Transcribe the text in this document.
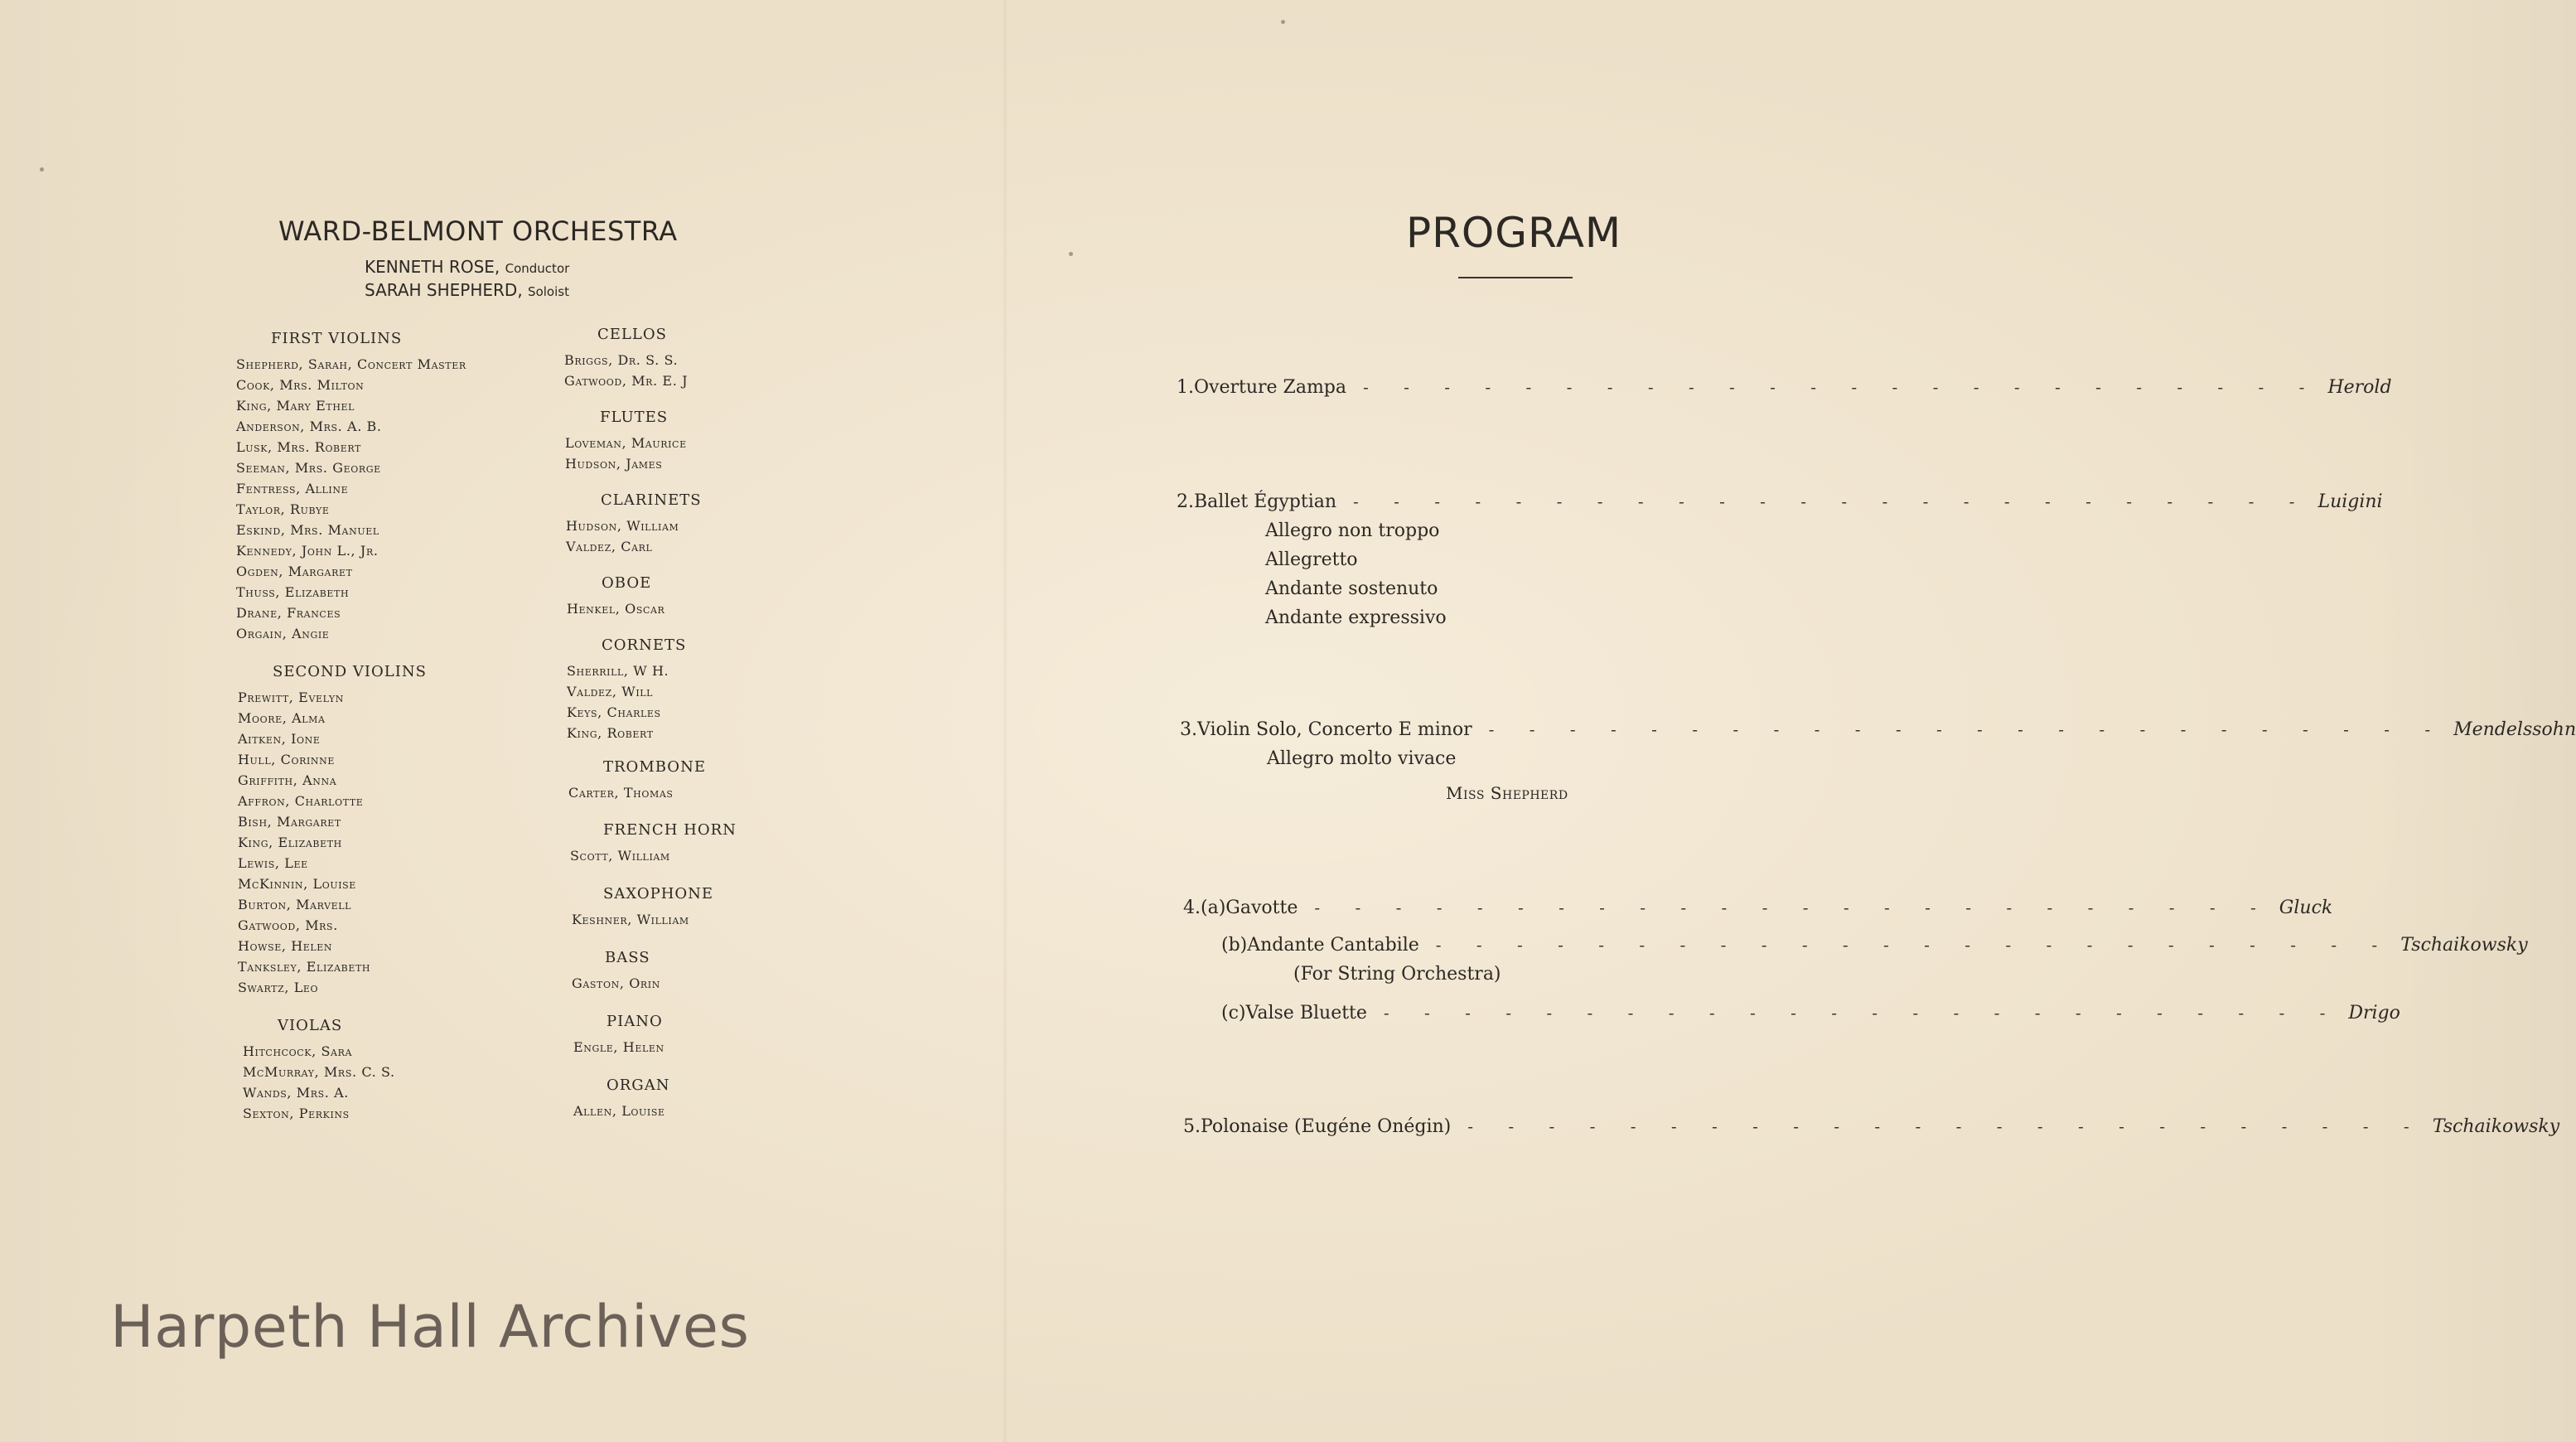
WARD-BELMONT ORCHESTRA
KENNETH ROSE, Conductor
SARAH SHEPHERD, Soloist
FIRST VIOLINS
Shepherd, Sarah, Concert Master
Cook, Mrs. Milton
King, Mary Ethel
Anderson, Mrs. A. B.
Lusk, Mrs. Robert
Seeman, Mrs. George
Fentress, Alline
Taylor, Rubye
Eskind, Mrs. Manuel
Kennedy, John L., Jr.
Ogden, Margaret
Thuss, Elizabeth
Drane, Frances
Orgain, Angie
SECOND VIOLINS
Prewitt, Evelyn
Moore, Alma
Aitken, Ione
Hull, Corinne
Griffith, Anna
Affron, Charlotte
Bish, Margaret
King, Elizabeth
Lewis, Lee
McKinnin, Louise
Burton, Marvell
Gatwood, Mrs.
Howse, Helen
Tanksley, Elizabeth
Swartz, Leo
VIOLAS
Hitchcock, Sara
McMurray, Mrs. C. S.
Wands, Mrs. A.
Sexton, Perkins
CELLOS
Briggs, Dr. S. S.
Gatwood, Mr. E. J
FLUTES
Loveman, Maurice
Hudson, James
CLARINETS
Hudson, William
Valdez, Carl
OBOE
Henkel, Oscar
CORNETS
Sherrill, W H.
Valdez, Will
Keys, Charles
King, Robert
TROMBONE
Carter, Thomas
FRENCH HORN
Scott, William
SAXOPHONE
Keshner, William
BASS
Gaston, Orin
PIANO
Engle, Helen
ORGAN
Allen, Louise
Harpeth Hall Archives
PROGRAM
1. Overture Zampa	- - - - - - - - - - - - - - - - - - - - - - - - Herold
2. Ballet Égyptian	- - - - - - - - - - - - - - - - - - - - - - - - Luigini
Allegro non troppo
Allegretto
Andante sostenuto
Andante expressivo
3. Violin Solo, Concerto E minor	- - - - - - - - - - - - - - - - - - - - - - - - Mendelssohn
Allegro molto vivace
Miss Shepherd
4. (a) Gavotte	- - - - - - - - - - - - - - - - - - - - - - - - Gluck
(b) Andante Cantabile	- - - - - - - - - - - - - - - - - - - - - - - - Tschaikowsky
(For String Orchestra)
(c) Valse Bluette	- - - - - - - - - - - - - - - - - - - - - - - - Drigo
5. Polonaise (Eugéne Onégin)	- - - - - - - - - - - - - - - - - - - - - - - - Tschaikowsky
